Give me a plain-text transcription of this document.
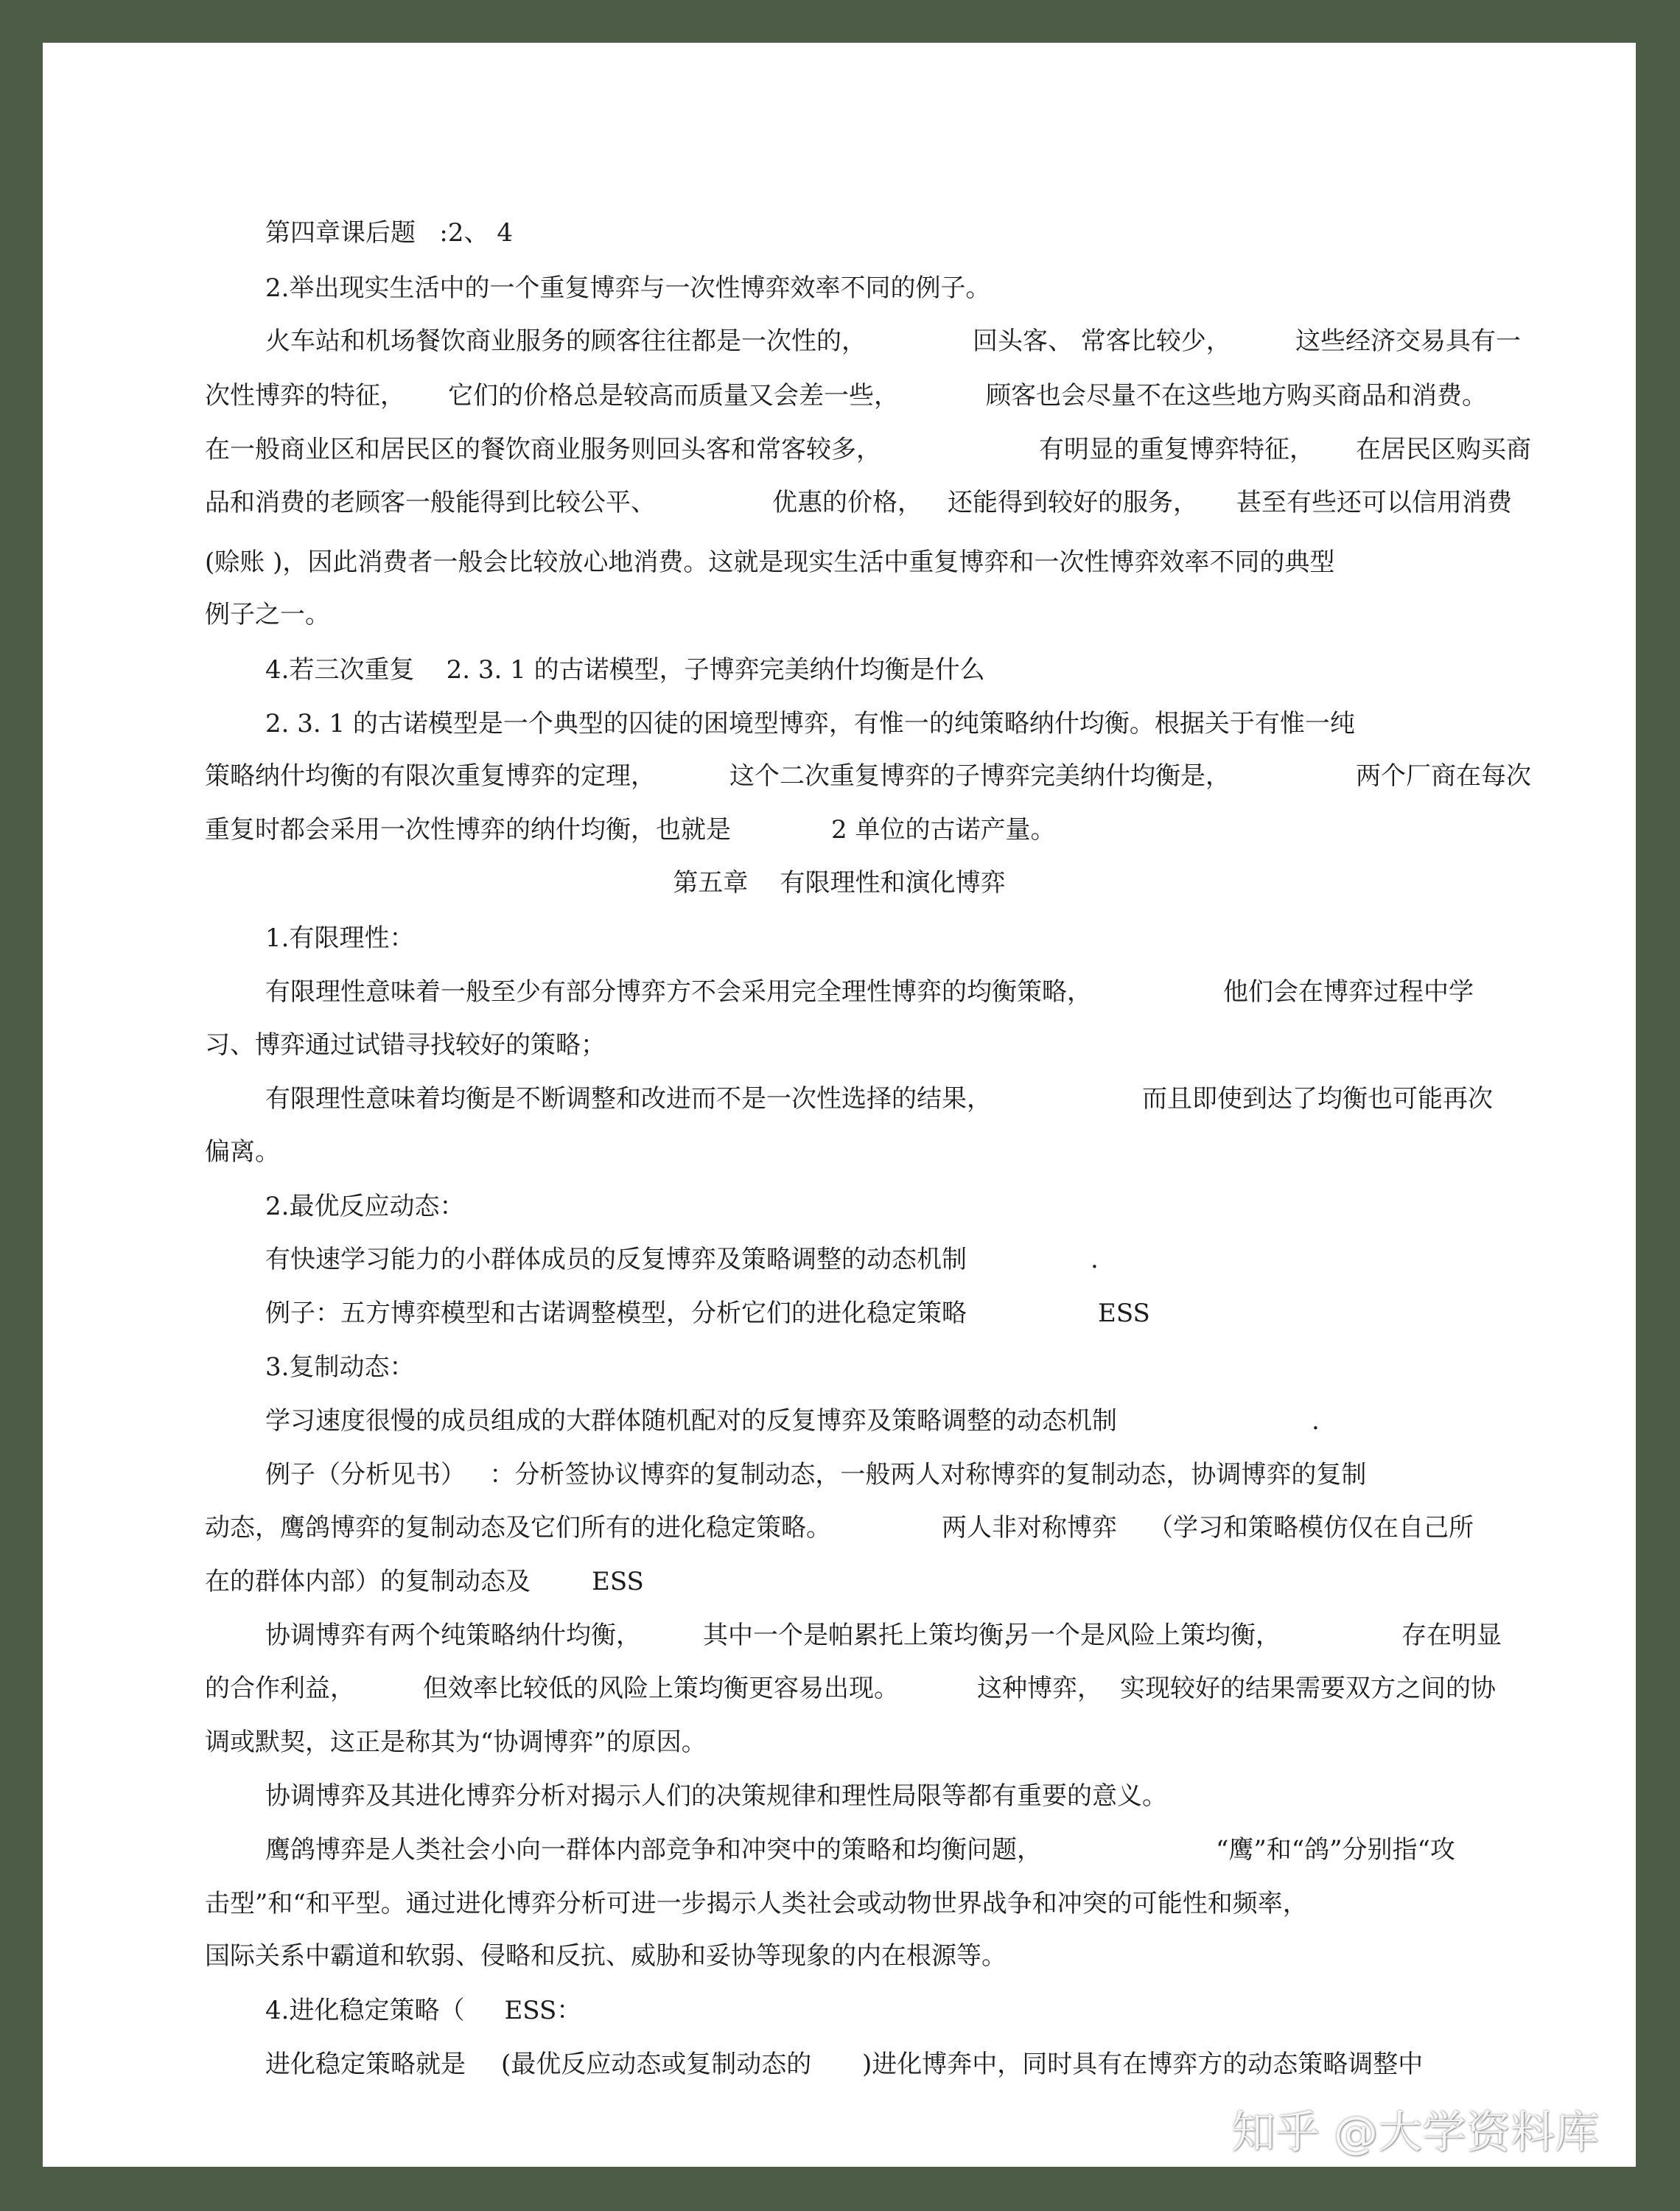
第四章课后题   :2、 4
2.举出现实生活中的一个重复博弈与一次性博弈效率不同的例子。
火车站和机场餐饮商业服务的顾客往往都是一次性的，	回头客、 常客比较少，	这些经济交易具有一
次性博弈的特征， 它们的价格总是较高而质量又会差一些，	顾客也会尽量不在这些地方购买商品和消费。
在一般商业区和居民区的餐饮商业服务则回头客和常客较多，	有明显的重复博弈特征， 在居民区购买商
品和消费的老顾客一般能得到比较公平、	优惠的价格， 还能得到较好的服务， 甚至有些还可以信用消费
(赊账 )，因此消费者一般会比较放心地消费。这就是现实生活中重复博弈和一次性博弈效率不同的典型
例子之一。
4.若三次重复    2. 3. 1 的古诺模型，子博弈完美纳什均衡是什么
2. 3. 1 的古诺模型是一个典型的囚徒的困境型博弈，有惟一的纯策略纳什均衡。根据关于有惟一纯
策略纳什均衡的有限次重复博弈的定理，	这个二次重复博弈的子博弈完美纳什均衡是，	两个厂商在每次
重复时都会采用一次性博弈的纳什均衡，也就是	2 单位的古诺产量。
第五章    有限理性和演化博弈
1.有限理性：
有限理性意味着一般至少有部分博弈方不会采用完全理性博弈的均衡策略，	他们会在博弈过程中学
习、博弈通过试错寻找较好的策略；
有限理性意味着均衡是不断调整和改进而不是一次性选择的结果，	而且即使到达了均衡也可能再次
偏离。
2.最优反应动态：
有快速学习能力的小群体成员的反复博弈及策略调整的动态机制	.
例子：五方博弈模型和古诺调整模型，分析它们的进化稳定策略	ESS
3.复制动态：
学习速度很慢的成员组成的大群体随机配对的反复博弈及策略调整的动态机制	.
例子（分析见书）   ：分析签协议博弈的复制动态，一般两人对称博弈的复制动态，协调博弈的复制
动态，鹰鸽博弈的复制动态及它们所有的进化稳定策略。	两人非对称博弈 （学习和策略模仿仅在自己所
在的群体内部）的复制动态及 ESS
协调博弈有两个纯策略纳什均衡， 其中一个是帕累托上策均衡，
另一个是风险上策均衡，	存在明显
的合作利益，	但效率比较低的风险上策均衡更容易出现。	这种博弈， 实现较好的结果需要双方之间的协
调或默契，这正是称其为“协调博弈”的原因。
协调博弈及其进化博弈分析对揭示人们的决策规律和理性局限等都有重要的意义。
鹰鸽博弈是人类社会小向一群体内部竞争和冲突中的策略和均衡问题，	“鹰”和“鸽”分别指“攻
击型”和“和平型。通过进化博弈分析可进一步揭示人类社会或动物世界战争和冲突的可能性和频率，
国际关系中霸道和软弱、侵略和反抗、威胁和妥协等现象的内在根源等。
4.进化稳定策略（     ESS：
进化稳定策略就是 (最优反应动态或复制动态的 )进化博奔中，同时具有在博弈方的动态策略调整中
知乎 @大学资料库
